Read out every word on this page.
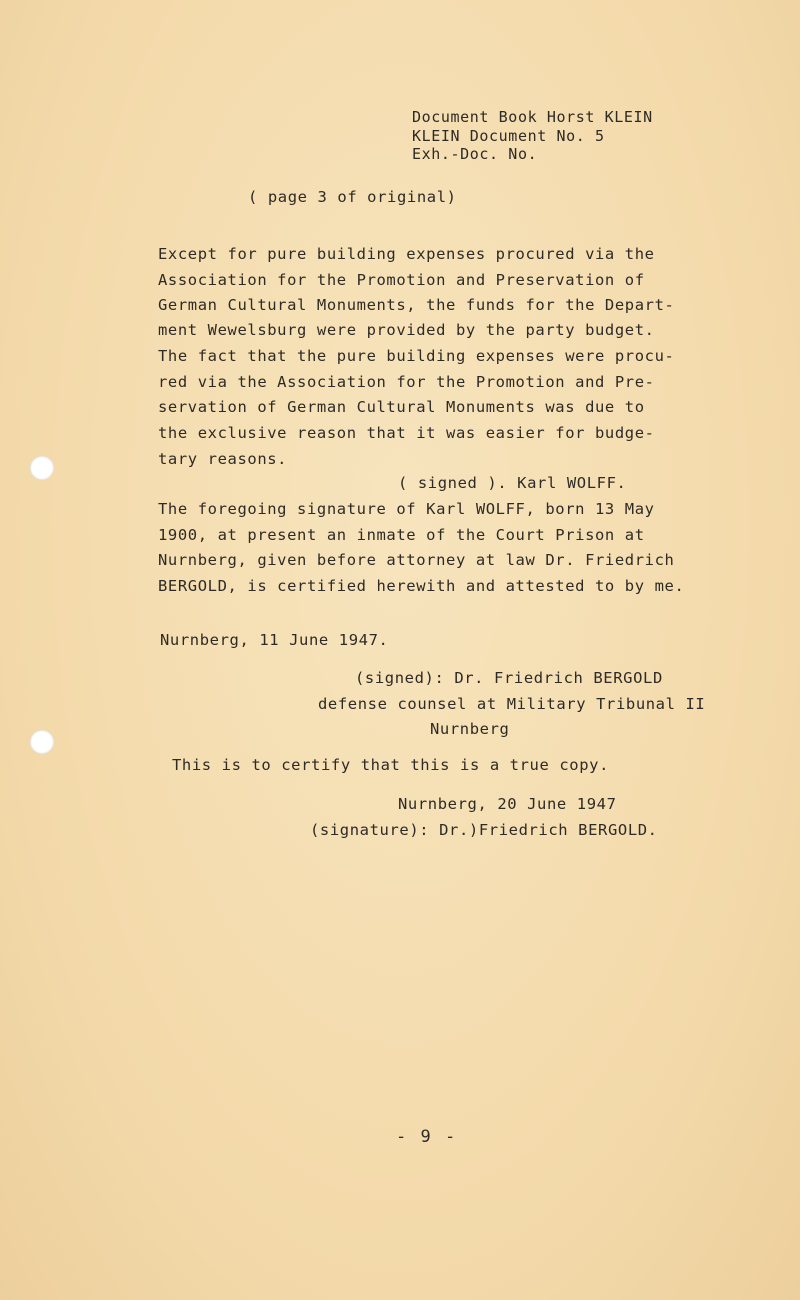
Document Book Horst KLEIN
KLEIN Document No. 5
Exh.-Doc. No.
( page 3 of original)
Except for pure building expenses procured via the
Association for the Promotion and Preservation of
German Cultural Monuments, the funds for the Depart-
ment Wewelsburg were provided by the party budget.
The fact that the pure building expenses were procu-
red via the Association for the Promotion and Pre-
servation of German Cultural Monuments was due to
the exclusive reason that it was easier for budge-
tary reasons.
( signed ). Karl WOLFF.
The foregoing signature of Karl WOLFF, born 13 May
1900, at present an inmate of the Court Prison at
Nurnberg, given before attorney at law Dr. Friedrich
BERGOLD, is certified herewith and attested to by me.
Nurnberg, 11 June 1947.
(signed): Dr. Friedrich BERGOLD
defense counsel at Military Tribunal II
Nurnberg
This is to certify that this is a true copy.
Nurnberg, 20 June 1947
(signature): Dr.)Friedrich BERGOLD.
- 9 -
